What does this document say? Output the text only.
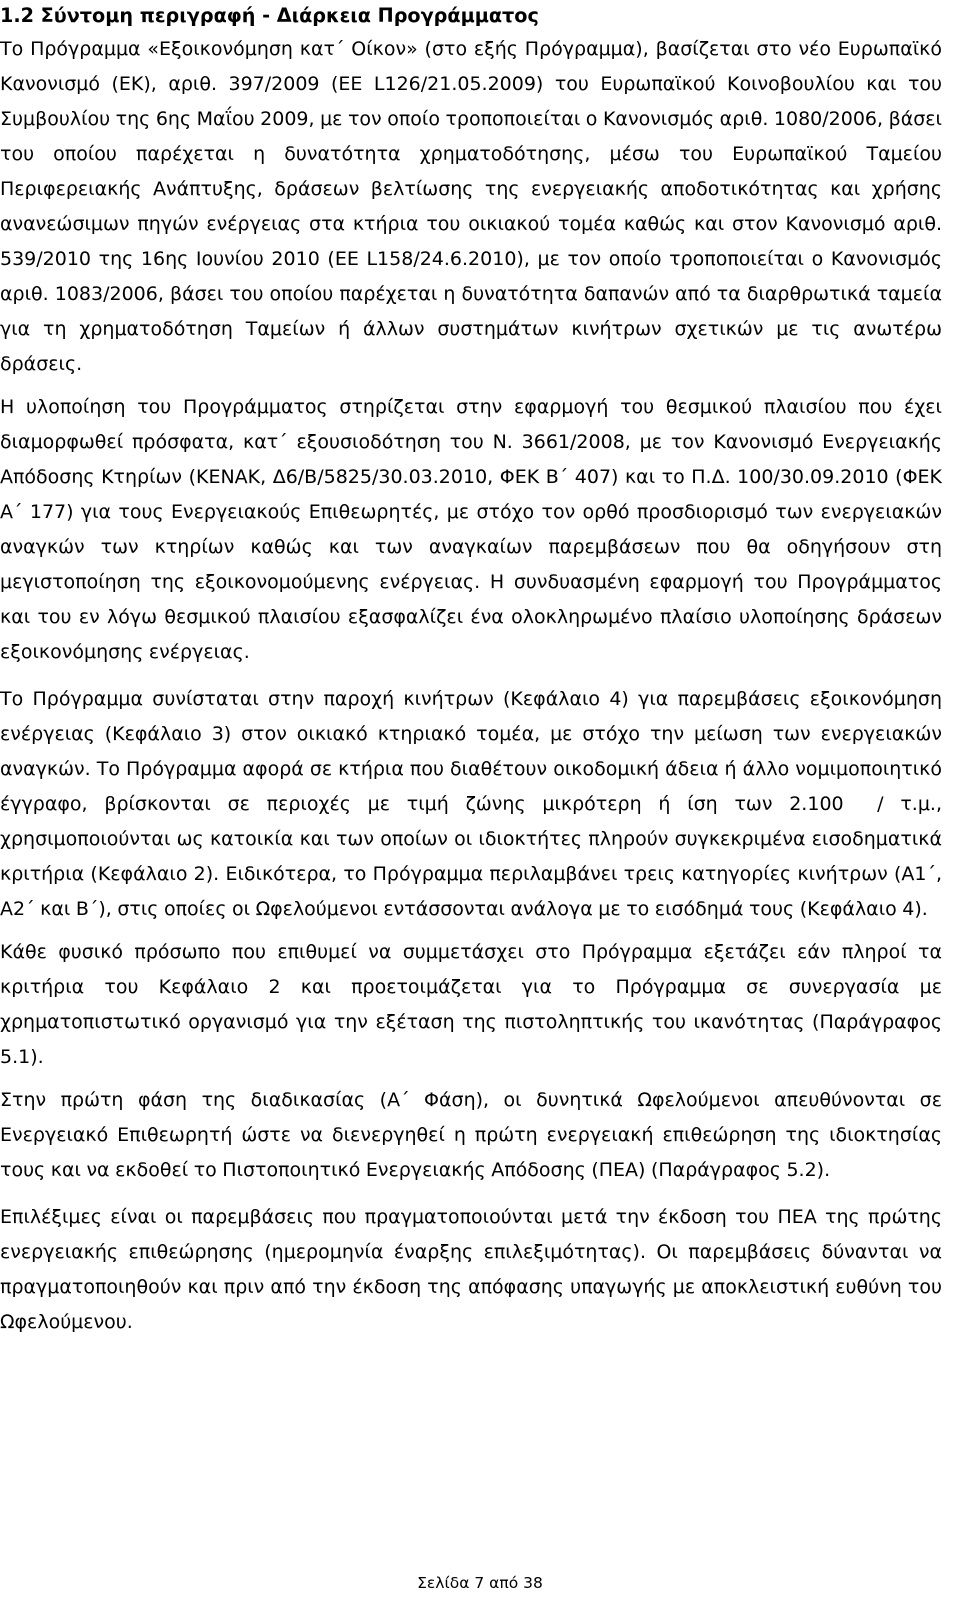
1.2 Σύντομη περιγραφή - Διάρκεια Προγράμματος

Το Πρόγραμμα «Εξοικονόμηση κατ΄ Οίκον» (στο εξής Πρόγραμμα), βασίζεται στο νέο Ευρωπαϊκό Κανονισμό (ΕΚ), αριθ. 397/2009 (ΕΕ L126/21.05.2009) του Ευρωπαϊκού Κοινοβουλίου και του Συμβουλίου της 6ης Μαΐου 2009, με τον οποίο τροποποιείται ο Κανονισμός αριθ. 1080/2006, βάσει του οποίου παρέχεται η δυνατότητα χρηματοδότησης, μέσω του Ευρωπαϊκού Ταμείου Περιφερειακής Ανάπτυξης, δράσεων βελτίωσης της ενεργειακής αποδοτικότητας και χρήσης ανανεώσιμων πηγών ενέργειας στα κτήρια του οικιακού τομέα καθώς και στον Κανονισμό αριθ. 539/2010 της 16ης Ιουνίου 2010 (ΕΕ L158/24.6.2010), με τον οποίο τροποποιείται ο Κανονισμός αριθ. 1083/2006, βάσει του οποίου παρέχεται η δυνατότητα δαπανών από τα διαρθρωτικά ταμεία για τη χρηματοδότηση Ταμείων ή άλλων συστημάτων κινήτρων σχετικών με τις ανωτέρω δράσεις.

Η υλοποίηση του Προγράμματος στηρίζεται στην εφαρμογή του θεσμικού πλαισίου που έχει διαμορφωθεί πρόσφατα, κατ΄ εξουσιοδότηση του Ν. 3661/2008, με τον Κανονισμό Ενεργειακής Απόδοσης Κτηρίων (ΚΕΝΑΚ, Δ6/Β/5825/30.03.2010, ΦΕΚ Β΄ 407) και το Π.Δ. 100/30.09.2010 (ΦΕΚ Α΄ 177) για τους Ενεργειακούς Επιθεωρητές, με στόχο τον ορθό προσδιορισμό των ενεργειακών αναγκών των κτηρίων καθώς και των αναγκαίων παρεμβάσεων που θα οδηγήσουν στη μεγιστοποίηση της εξοικονομούμενης ενέργειας. Η συνδυασμένη εφαρμογή του Προγράμματος και του εν λόγω θεσμικού πλαισίου εξασφαλίζει ένα ολοκληρωμένο πλαίσιο υλοποίησης δράσεων εξοικονόμησης ενέργειας.

Το Πρόγραμμα συνίσταται στην παροχή κινήτρων (Κεφάλαιο 4) για παρεμβάσεις εξοικονόμηση ενέργειας (Κεφάλαιο 3) στον οικιακό κτηριακό τομέα, με στόχο την μείωση των ενεργειακών αναγκών. Το Πρόγραμμα αφορά σε κτήρια που διαθέτουν οικοδομική άδεια ή άλλο νομιμοποιητικό έγγραφο, βρίσκονται σε περιοχές με τιμή ζώνης μικρότερη ή ίση των 2.100  / τ.μ., χρησιμοποιούνται ως κατοικία και των οποίων οι ιδιοκτήτες πληρούν συγκεκριμένα εισοδηματικά κριτήρια (Κεφάλαιο 2). Ειδικότερα, το Πρόγραμμα περιλαμβάνει τρεις κατηγορίες κινήτρων (Α1΄, Α2΄ και Β΄), στις οποίες οι Ωφελούμενοι εντάσσονται ανάλογα με το εισόδημά τους (Κεφάλαιο 4).

Κάθε φυσικό πρόσωπο που επιθυμεί να συμμετάσχει στο Πρόγραμμα εξετάζει εάν πληροί τα κριτήρια του Κεφάλαιο 2 και προετοιμάζεται για το Πρόγραμμα σε συνεργασία με χρηματοπιστωτικό οργανισμό για την εξέταση της πιστοληπτικής του ικανότητας (Παράγραφος 5.1).

Στην πρώτη φάση της διαδικασίας (Α΄ Φάση), οι δυνητικά Ωφελούμενοι απευθύνονται σε Ενεργειακό Επιθεωρητή ώστε να διενεργηθεί η πρώτη ενεργειακή επιθεώρηση της ιδιοκτησίας τους και να εκδοθεί το Πιστοποιητικό Ενεργειακής Απόδοσης (ΠΕΑ) (Παράγραφος 5.2).

Επιλέξιμες είναι οι παρεμβάσεις που πραγματοποιούνται μετά την έκδοση του ΠΕΑ της πρώτης ενεργειακής επιθεώρησης (ημερομηνία έναρξης επιλεξιμότητας). Οι παρεμβάσεις δύνανται να πραγματοποιηθούν και πριν από την έκδοση της απόφασης υπαγωγής με αποκλειστική ευθύνη του Ωφελούμενου.

Σελίδα 7 από 38
